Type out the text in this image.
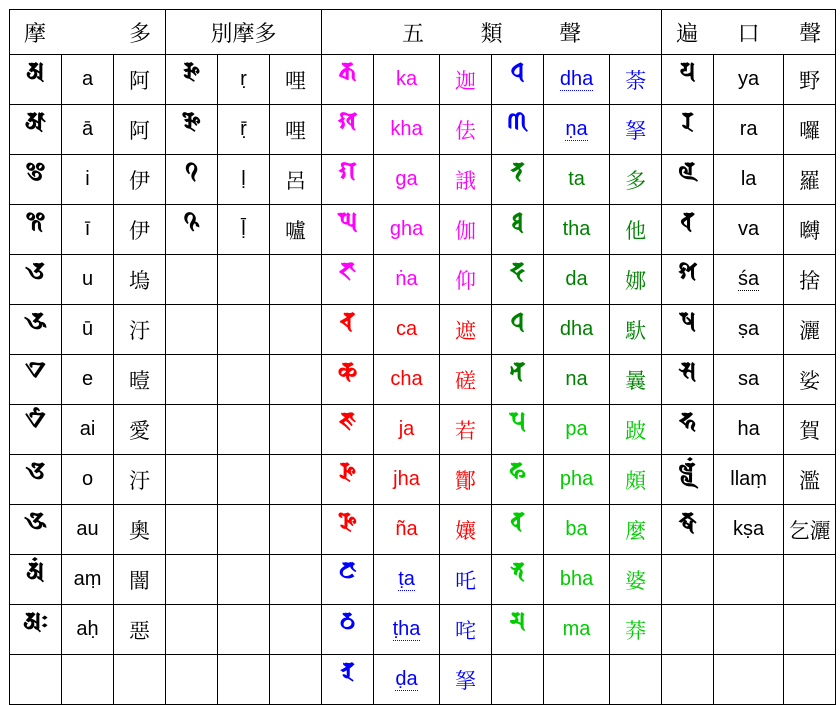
摩 多			別摩多			五 類 聲						遍 口 聲		

𑖀	a	阿	𑖆	ṛ	哩	𑖎	ka	迦	𑖠	dha	荼	𑖧	ya	野
𑖁	ā	阿	𑖇	ṝ	哩	𑖏	kha	佉	𑖜	ṇa	拏	𑖨	ra	囉
𑖂	i	伊	𑖈	ḷ	呂	𑖐	ga	誐	𑖝	ta	多	𑖩	la	羅
𑖃	ī	伊	𑖉	ḹ	嚧	𑖑	gha	伽	𑖞	tha	他	𑖪	va	嚩
𑖄	u	塢				𑖒	ṅa	仰	𑖟	da	娜	𑖫	śa	捨
𑖅	ū	汙				𑖓	ca	遮	𑖠	dha	馱	𑖬	ṣa	灑
𑖊	e	曀				𑖔	cha	磋	𑖡	na	曩	𑖭	sa	娑
𑖋	ai	愛				𑖕	ja	若	𑖢	pa	跛	𑖮	ha	賀
𑖌	o	汙				𑖖	jha	酇	𑖣	pha	頗	𑖩𑖿𑖩𑖽	llaṃ	濫
𑖍	au	奧				𑖗	ña	孃	𑖤	ba	麼	𑖎𑖿𑖬	kṣa	乞灑
𑖀𑖽	aṃ	闇				𑖘	ṭa	吒	𑖥	bha	婆			
𑖀𑖾	aḥ	惡				𑖙	ṭha	咤	𑖦	ma	莽			
						𑖚	ḍa	拏						
